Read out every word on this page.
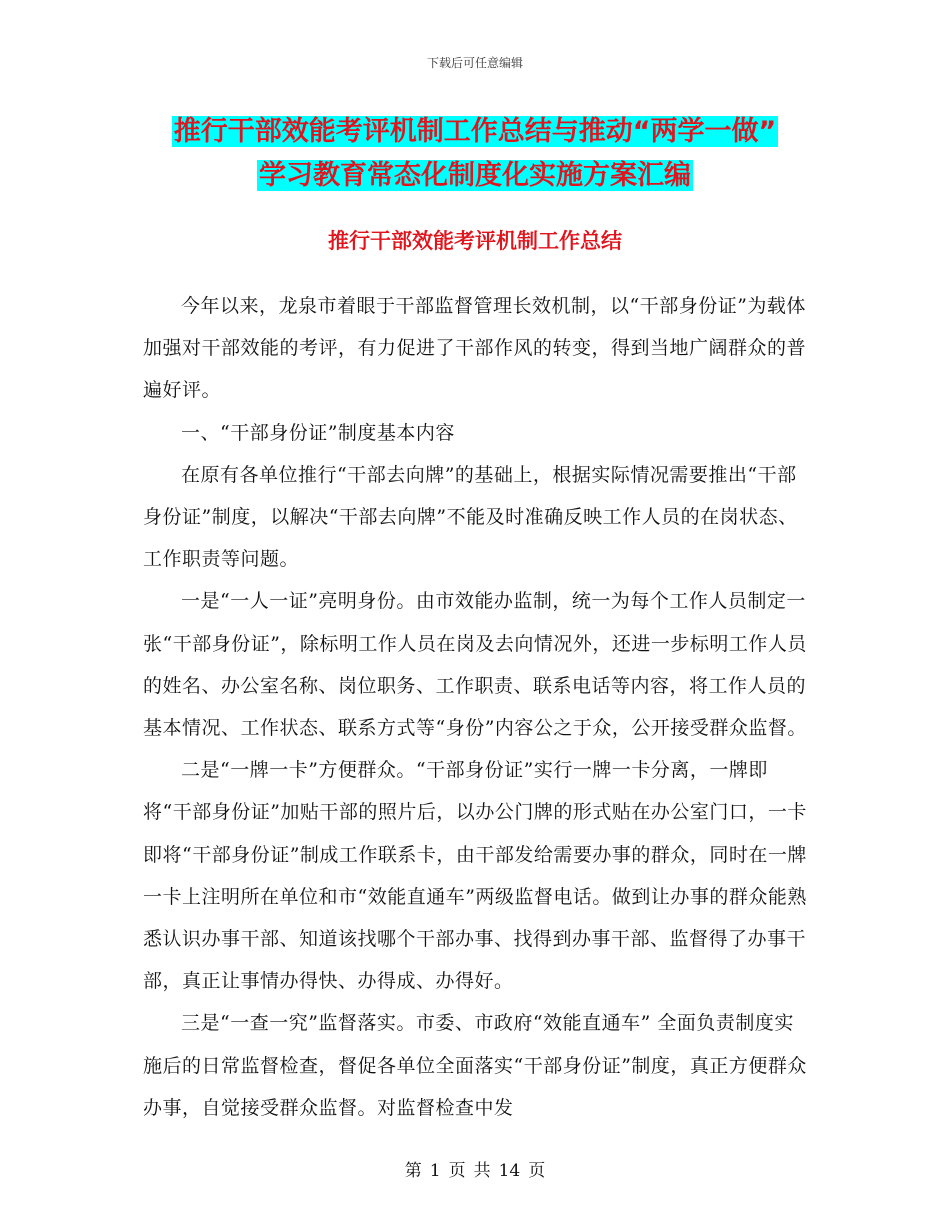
下载后可任意编辑
推行干部效能考评机制工作总结与推动“两学一做”
学习教育常态化制度化实施方案汇编
推行干部效能考评机制工作总结

今年以来，龙泉市着眼于干部监督管理长效机制，以“干部身份证”为载体加强对干部效能的考评，有力促进了干部作风的转变，得到当地广阔群众的普遍好评。

一、“干部身份证”制度基本内容

在原有各单位推行“干部去向牌”的基础上，根据实际情况需要推出“干部身份证”制度，以解决“干部去向牌”不能及时准确反映工作人员的在岗状态、工作职责等问题。

一是“一人一证”亮明身份。由市效能办监制，统一为每个工作人员制定一张“干部身份证”，除标明工作人员在岗及去向情况外，还进一步标明工作人员的姓名、办公室名称、岗位职务、工作职责、联系电话等内容，将工作人员的基本情况、工作状态、联系方式等“身份”内容公之于众，公开接受群众监督。

二是“一牌一卡”方便群众。“干部身份证”实行一牌一卡分离，一牌即将“干部身份证”加贴干部的照片后，以办公门牌的形式贴在办公室门口，一卡即将“干部身份证”制成工作联系卡，由干部发给需要办事的群众，同时在一牌一卡上注明所在单位和市“效能直通车”两级监督电话。做到让办事的群众能熟悉认识办事干部、知道该找哪个干部办事、找得到办事干部、监督得了办事干部，真正让事情办得快、办得成、办得好。

三是“一查一究”监督落实。市委、市政府“效能直通车” 全面负责制度实施后的日常监督检查，督促各单位全面落实“干部身份证”制度，真正方便群众办事，自觉接受群众监督。对监督检查中发

第 1 页 共 14 页
